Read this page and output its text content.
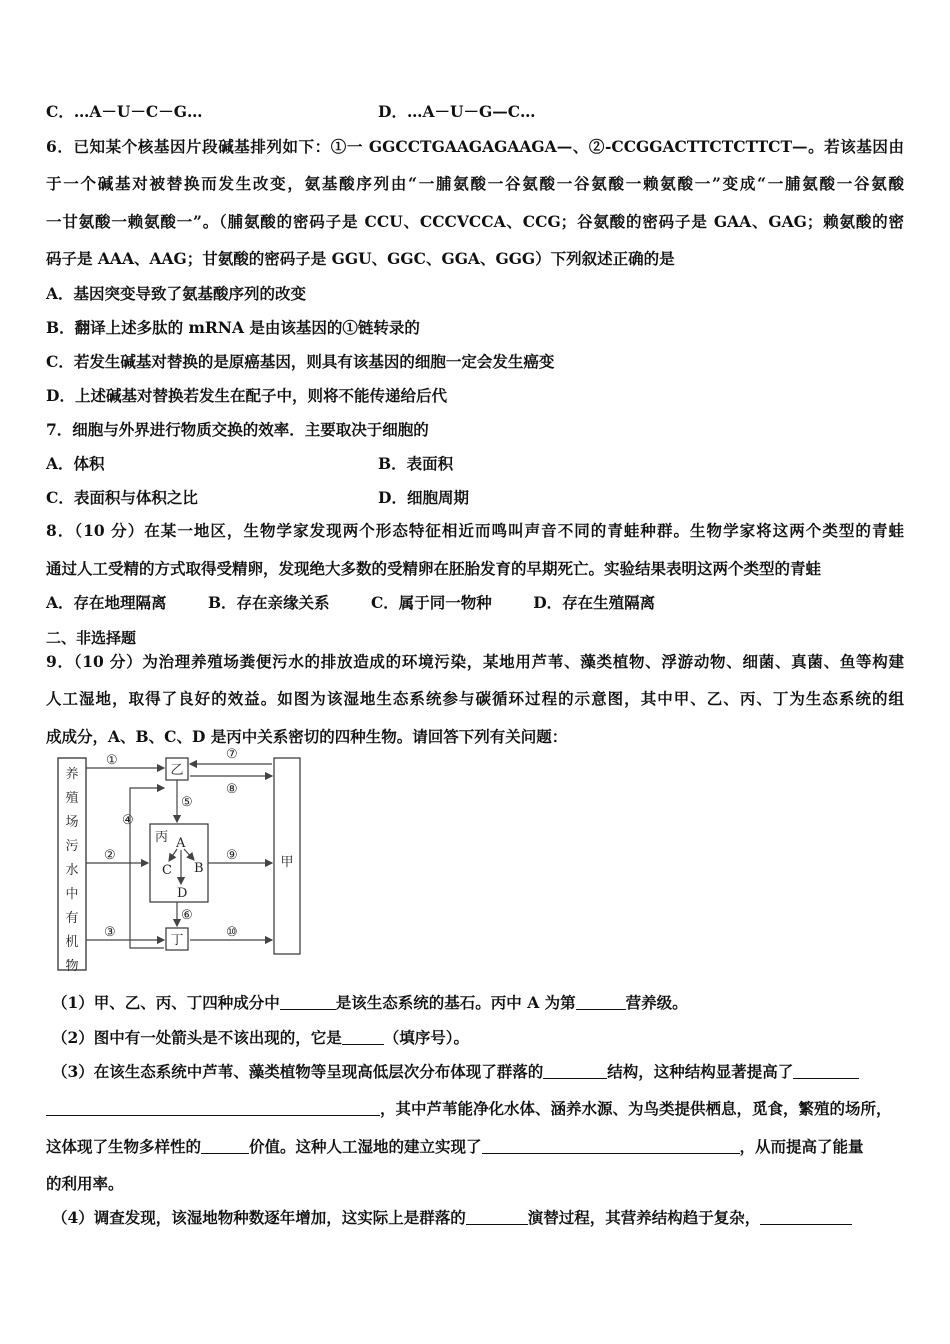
C．…A－U－C－G…	D．…A－U－G—C…
6．已知某个核基因片段碱基排列如下：①一 GGCCTGAAGAGAAGA—、②-CCGGACTTCTCTTCT—。若该基因由
于一个碱基对被替换而发生改变，氨基酸序列由“一脯氨酸一谷氨酸一谷氨酸一赖氨酸一”变成“一脯氨酸一谷氨酸
一甘氨酸一赖氨酸一”。（脯氨酸的密码子是 CCU、CCCVCCA、CCG；谷氨酸的密码子是 GAA、GAG；赖氨酸的密
码子是 AAA、AAG；甘氨酸的密码子是 GGU、GGC、GGA、GGG）下列叙述正确的是
A．基因突变导致了氨基酸序列的改变
B．翻译上述多肽的 mRNA 是由该基因的①链转录的
C．若发生碱基对替换的是原癌基因，则具有该基因的细胞一定会发生癌变
D．上述碱基对替换若发生在配子中，则将不能传递给后代
7．细胞与外界进行物质交换的效率．主要取决于细胞的
A．体积	B．表面积
C．表面积与体积之比	D．细胞周期
8．（10 分）在某一地区，生物学家发现两个形态特征相近而鸣叫声音不同的青蛙种群。生物学家将这两个类型的青蛙
通过人工受精的方式取得受精卵，发现绝大多数的受精卵在胚胎发育的早期死亡。实验结果表明这两个类型的青蛙
A．存在地理隔离	B．存在亲缘关系	C．属于同一物种	D．存在生殖隔离
二、非选择题
9．（10 分）为治理养殖场粪便污水的排放造成的环境污染，某地用芦苇、藻类植物、浮游动物、细菌、真菌、鱼等构建
人工湿地，取得了良好的效益。如图为该湿地生态系统参与碳循环过程的示意图，其中甲、乙、丙、丁为生态系统的组
成成分，A、B、C、D 是丙中关系密切的四种生物。请回答下列有关问题：
养殖场污水中有机物
乙
丙 A
B
C
D
丁
甲
①
②
③
④
⑤
⑥
⑦
⑧
⑨
⑩
（1）甲、乙、丙、丁四种成分中	是该生态系统的基石。丙中 A 为第	营养级。
（2）图中有一处箭头是不该出现的，它是	（填序号）。
（3）在该生态系统中芦苇、藻类植物等呈现高低层次分布体现了群落的	结构，这种结构显著提高了
，其中芦苇能净化水体、涵养水源、为鸟类提供栖息，觅食，繁殖的场所，
这体现了生物多样性的	价值。这种人工湿地的建立实现了	，从而提高了能量
的利用率。
（4）调查发现，该湿地物种数逐年增加，这实际上是群落的	演替过程，其营养结构趋于复杂，
